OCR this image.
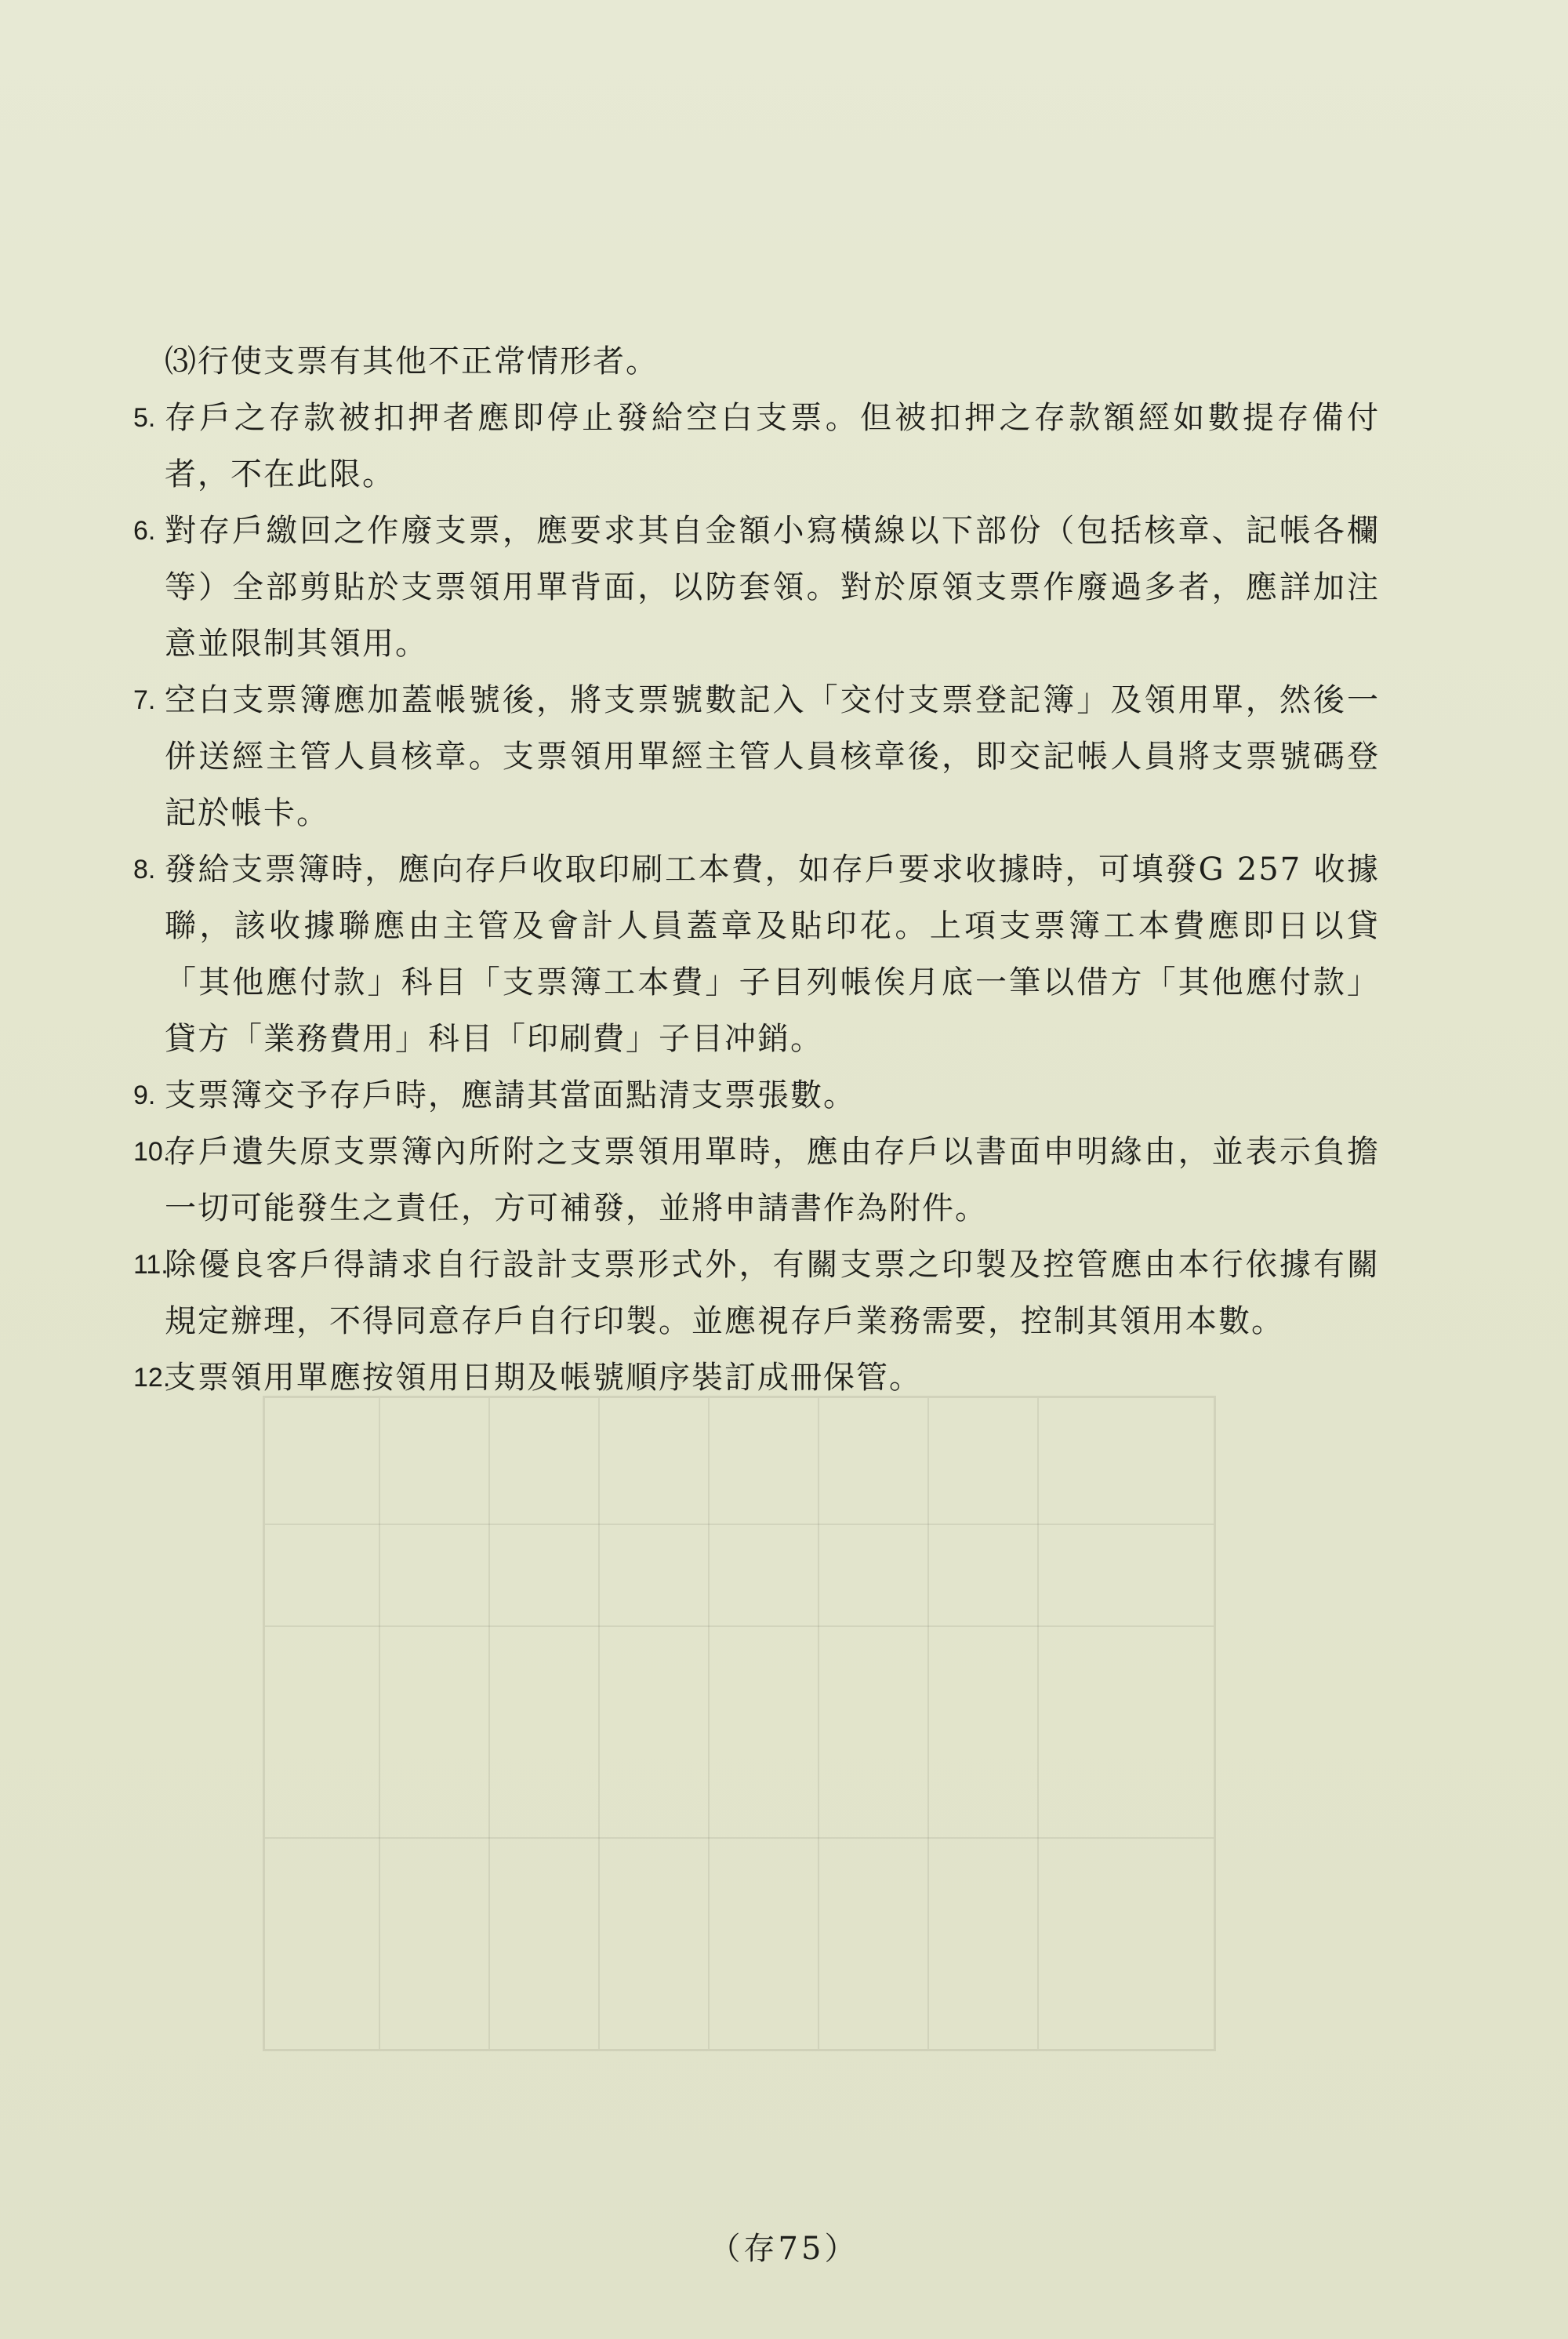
⑶行使支票有其他不正常情形者。

5. 存戶之存款被扣押者應即停止發給空白支票。但被扣押之存款額經如數提存備付者，不在此限。

6. 對存戶繳回之作廢支票，應要求其自金額小寫橫線以下部份（包括核章、記帳各欄等）全部剪貼於支票領用單背面，以防套領。對於原領支票作廢過多者，應詳加注意並限制其領用。

7. 空白支票簿應加蓋帳號後，將支票號數記入「交付支票登記簿」及領用單，然後一併送經主管人員核章。支票領用單經主管人員核章後，即交記帳人員將支票號碼登記於帳卡。

8. 發給支票簿時，應向存戶收取印刷工本費，如存戶要求收據時，可填發G 257 收據聯，該收據聯應由主管及會計人員蓋章及貼印花。上項支票簿工本費應即日以貸「其他應付款」科目「支票簿工本費」子目列帳俟月底一筆以借方「其他應付款」貸方「業務費用」科目「印刷費」子目冲銷。

9. 支票簿交予存戶時，應請其當面點清支票張數。

10.
存戶遺失原支票簿內所附之支票領用單時，應由存戶以書面申明緣由，並表示負擔一切可能發生之責任，方可補發，並將申請書作為附件。

11.
除優良客戶得請求自行設計支票形式外，有關支票之印製及控管應由本行依據有關規定辦理，不得同意存戶自行印製。並應視存戶業務需要，控制其領用本數。

12.
支票領用單應按領用日期及帳號順序裝訂成冊保管。

（存75）
